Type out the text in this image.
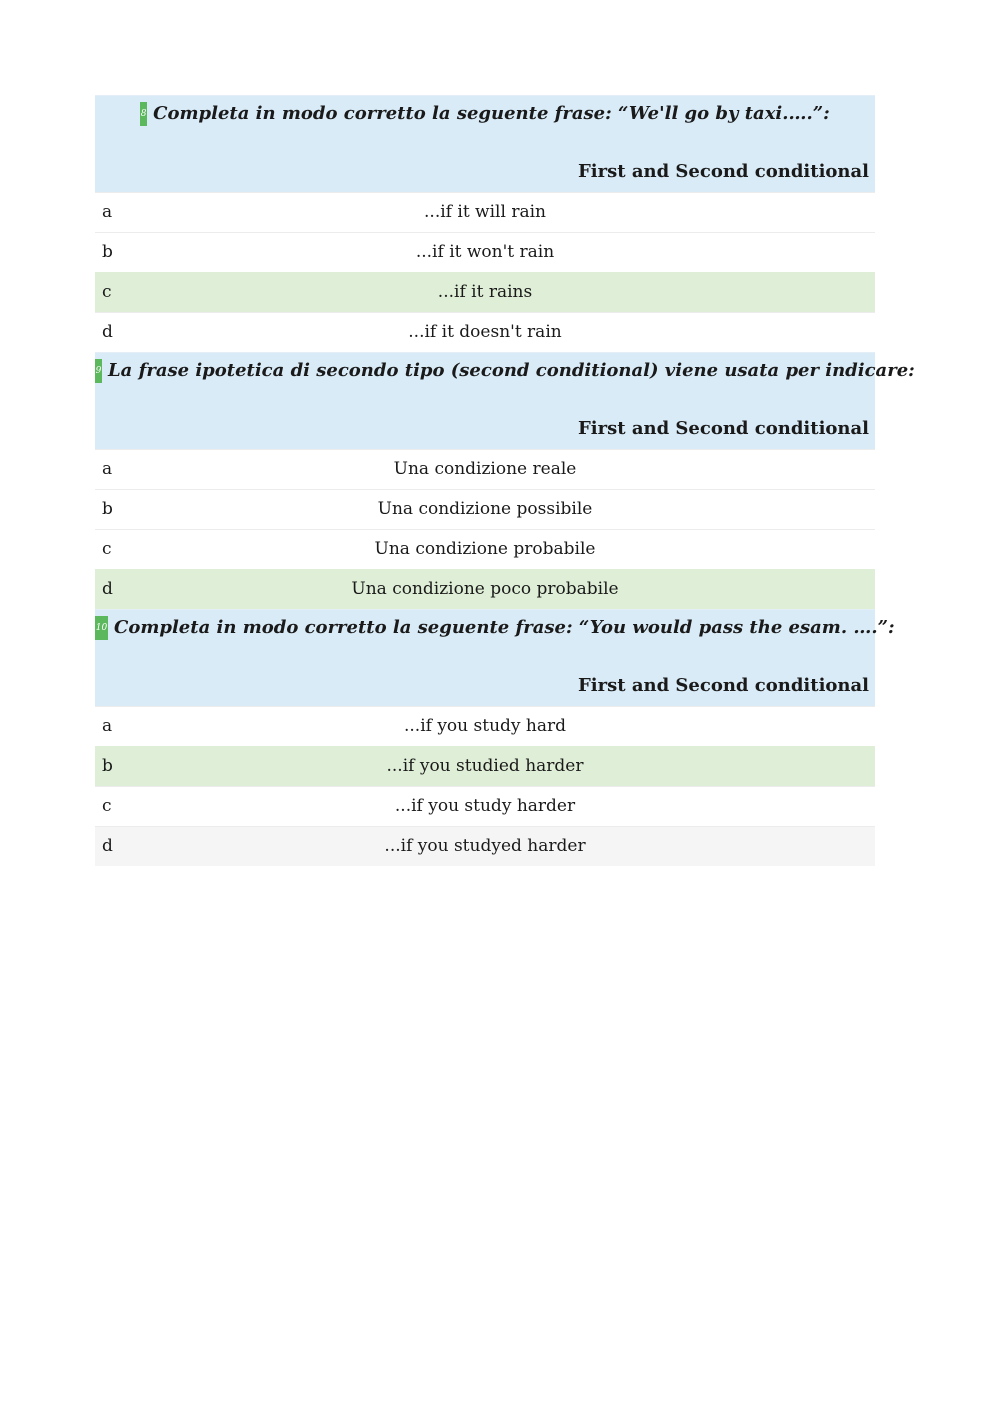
8 Completa in modo corretto la seguente frase: “We'll go by taxi.….”:
First and Second conditional
a	...if it will rain
b	...if it won't rain
c	...if it rains
d	...if it doesn't rain
9 La frase ipotetica di secondo tipo (second conditional) viene usata per indicare:
First and Second conditional
a	Una condizione reale
b	Una condizione possibile
c	Una condizione probabile
d	Una condizione poco probabile
10 Completa in modo corretto la seguente frase: “You would pass the esam. ….”:
First and Second conditional
a	...if you study hard
b	...if you studied harder
c	...if you study harder
d	...if you studyed harder
